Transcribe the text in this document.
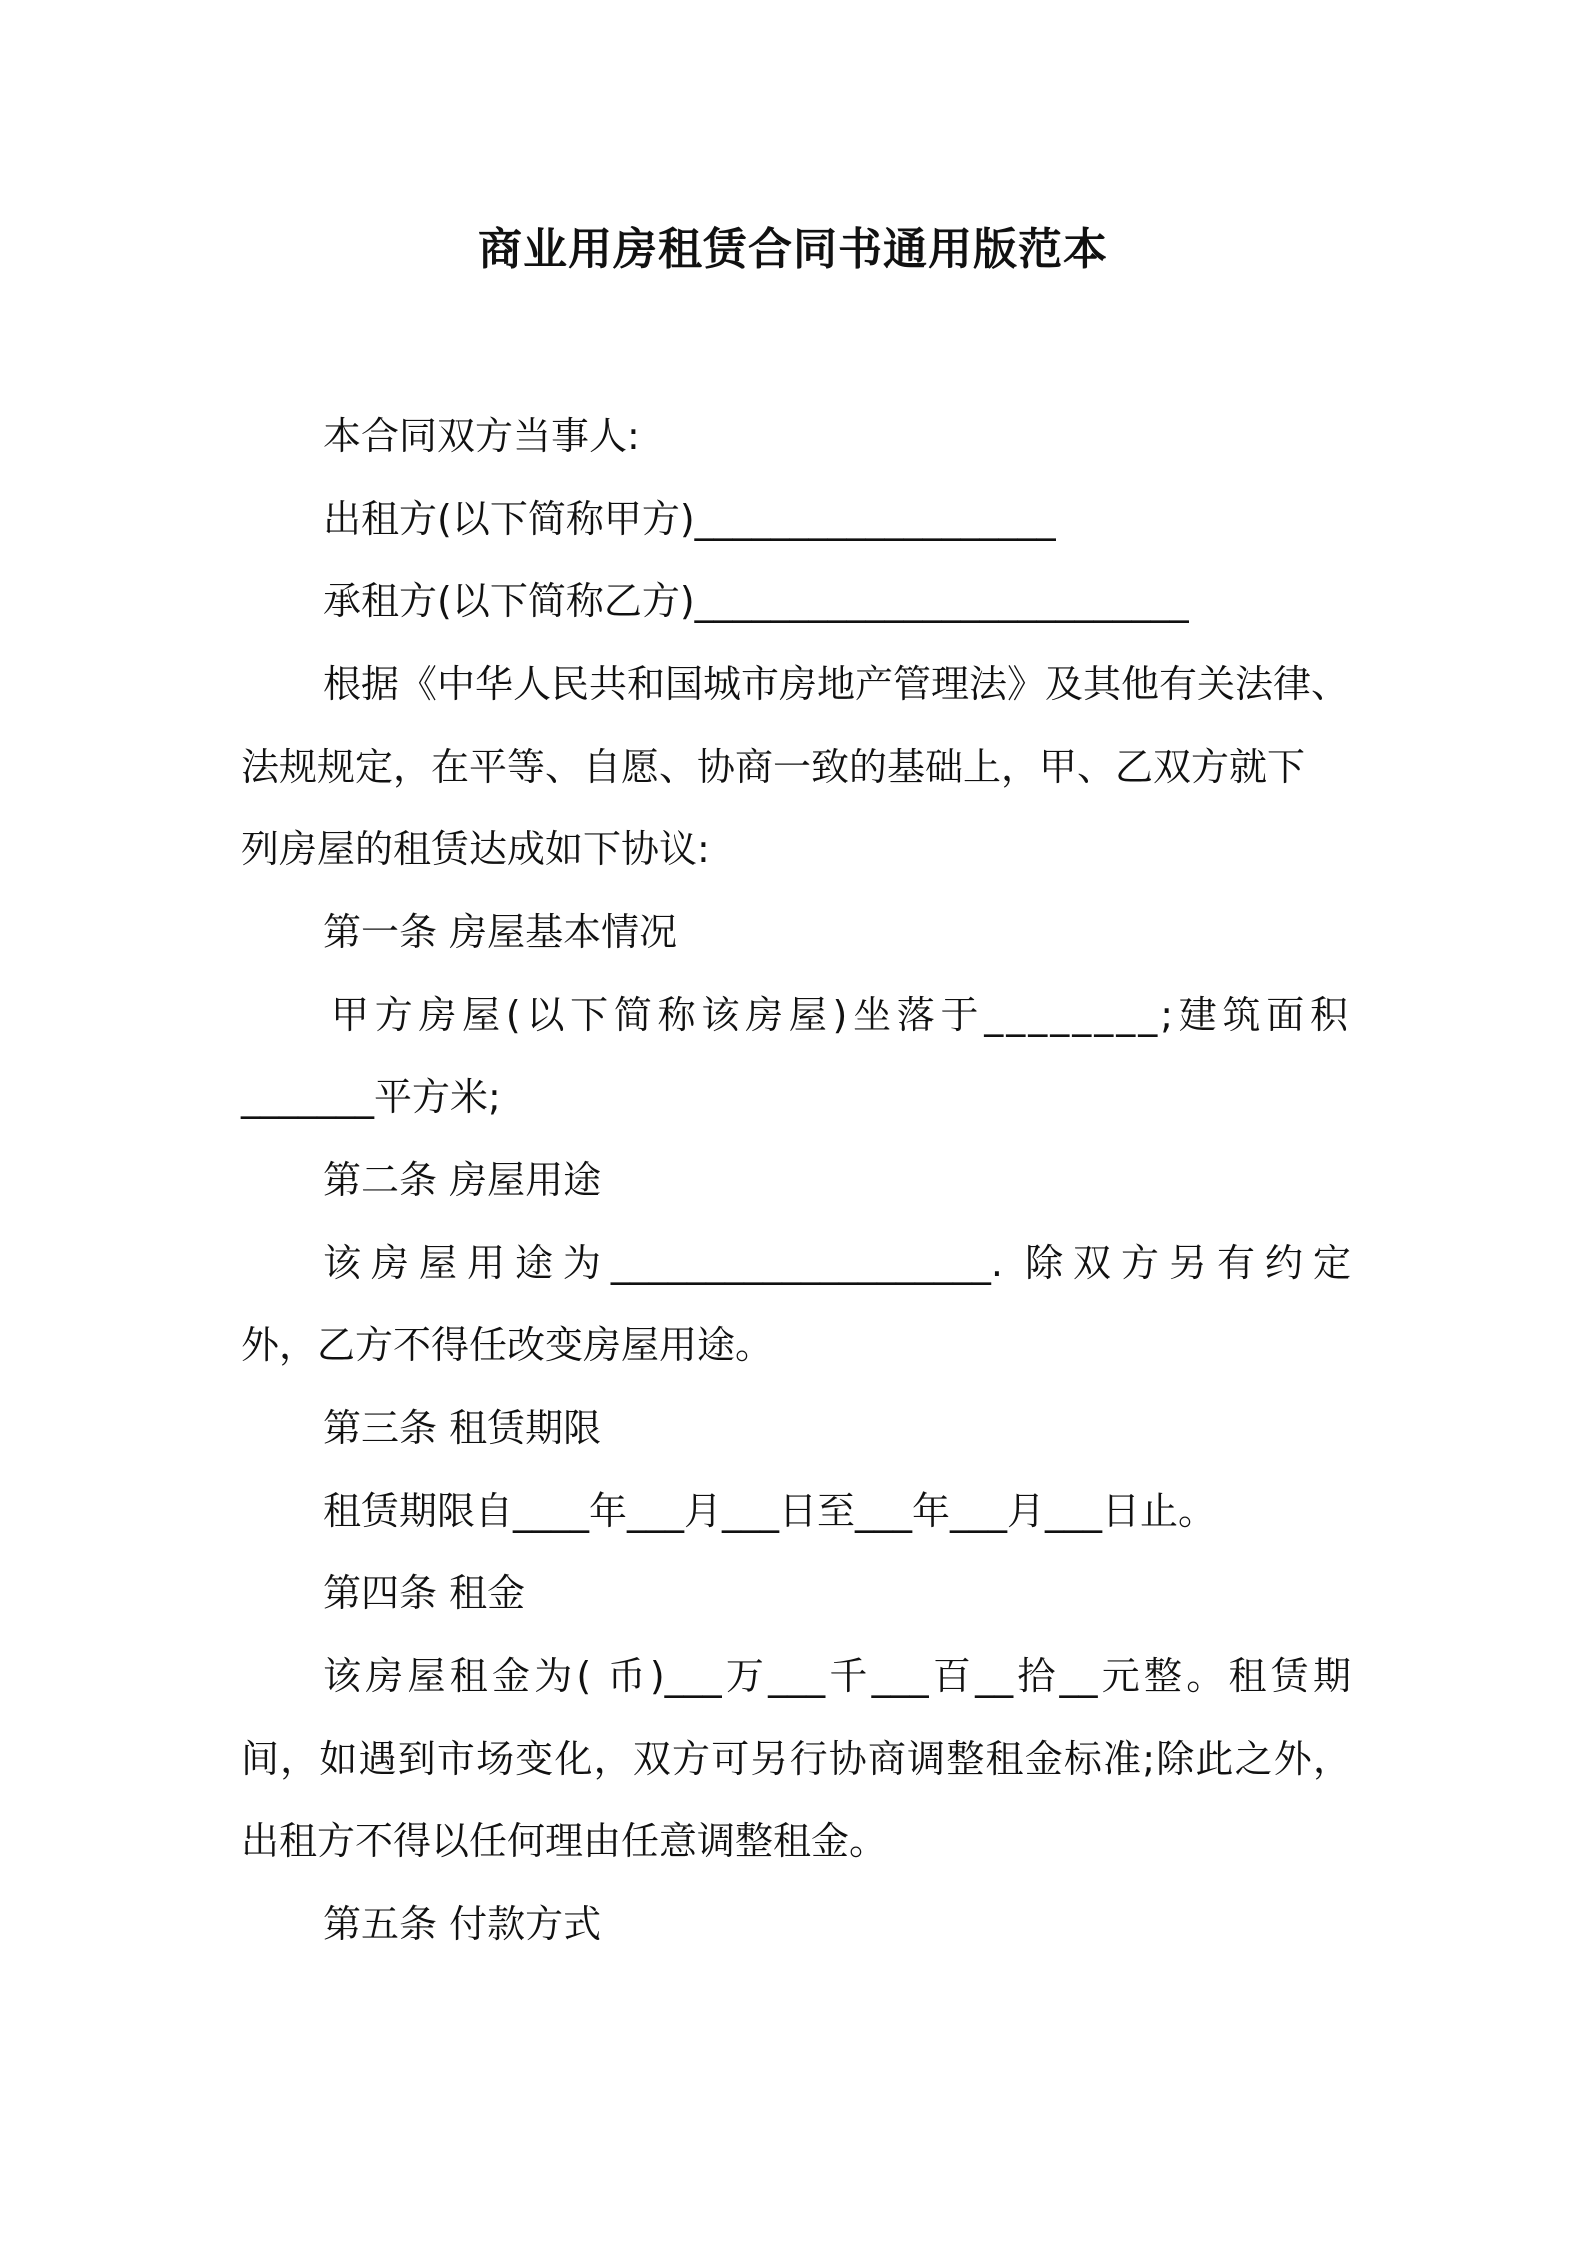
商业用房租赁合同书通用版范本
本合同双方当事人:
出租方(以下简称甲方)___________________
承租方(以下简称乙方)__________________________
根据《中华人民共和国城市房地产管理法》及其他有关法律、
法规规定，在平等、自愿、协商一致的基础上，甲、乙双方就下
列房屋的租赁达成如下协议:
第一条 房屋基本情况
甲方房屋(以下简称该房屋)坐落于________;建筑面积
_______平方米;
第二条 房屋用途
该房屋用途为____________________. 除双方另有约定
外，乙方不得任改变房屋用途。
第三条 租赁期限
租赁期限自____年___月___日至___年___月___日止。
第四条 租金
该房屋租金为( 币)___万___千___百__拾__元整。租赁期
间，如遇到市场变化，双方可另行协商调整租金标准;除此之外，
出租方不得以任何理由任意调整租金。
第五条 付款方式
